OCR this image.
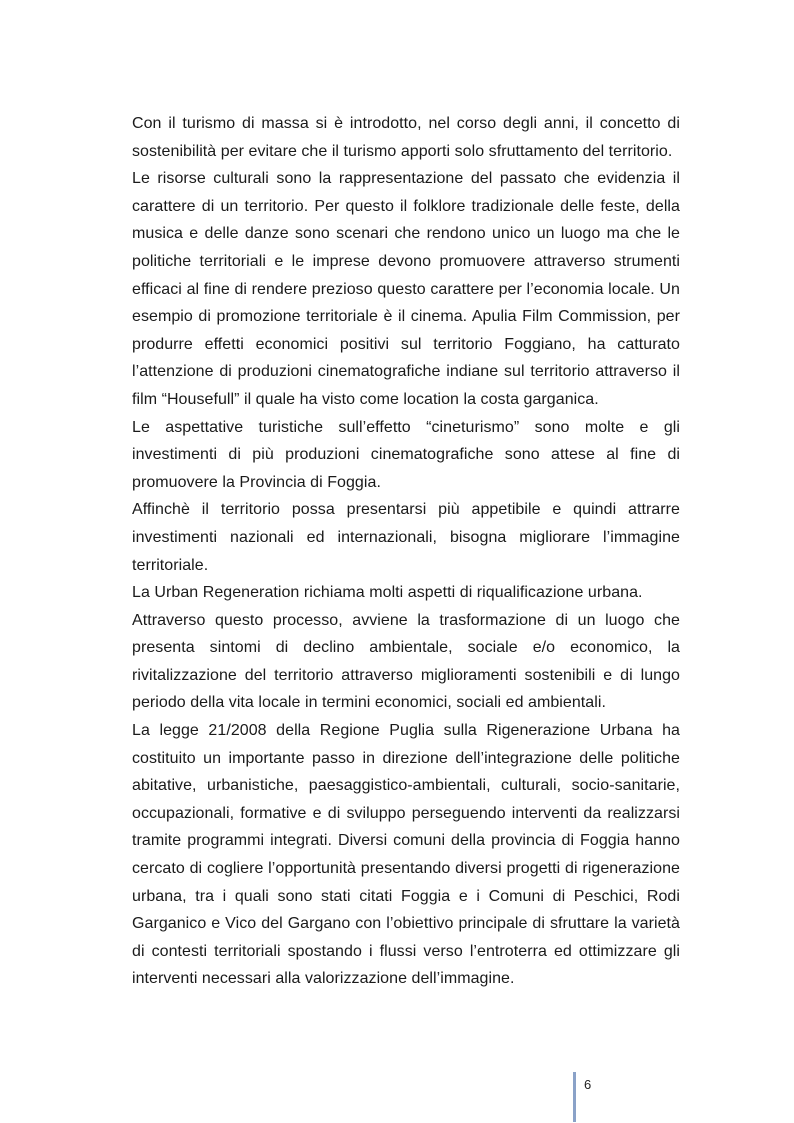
Con il turismo di massa si è introdotto, nel corso degli anni, il concetto di sostenibilità per evitare che il turismo apporti solo sfruttamento del territorio.

Le risorse culturali sono la rappresentazione del passato che evidenzia il carattere di un territorio. Per questo il folklore tradizionale delle feste, della musica e delle danze sono scenari che rendono unico un luogo ma che le politiche territoriali e le imprese devono promuovere attraverso strumenti efficaci al fine di rendere prezioso questo carattere per l’economia locale. Un esempio di promozione territoriale è il cinema. Apulia Film Commission, per produrre effetti economici positivi sul territorio Foggiano, ha catturato l’attenzione di produzioni cinematografiche indiane sul territorio attraverso il film “Housefull” il quale ha visto come location la costa garganica.

Le aspettative turistiche sull’effetto “cineturismo” sono molte e gli investimenti di più produzioni cinematografiche sono attese al fine di promuovere la Provincia di Foggia.

Affinchè il territorio possa presentarsi più appetibile e quindi attrarre investimenti nazionali ed internazionali, bisogna migliorare l’immagine territoriale.

La Urban Regeneration richiama molti aspetti di riqualificazione urbana.

Attraverso questo processo, avviene la trasformazione di un luogo che presenta sintomi di declino ambientale, sociale e/o economico, la rivitalizzazione del territorio attraverso miglioramenti sostenibili e di lungo periodo della vita locale in termini economici, sociali ed ambientali.

La legge 21/2008 della Regione Puglia sulla Rigenerazione Urbana ha costituito un importante passo in direzione dell’integrazione delle politiche abitative, urbanistiche, paesaggistico-ambientali, culturali, socio-sanitarie, occupazionali, formative e di sviluppo perseguendo interventi da realizzarsi tramite programmi integrati. Diversi comuni della provincia di Foggia hanno cercato di cogliere l’opportunità presentando diversi progetti di rigenerazione urbana, tra i quali sono stati citati Foggia e i Comuni di Peschici, Rodi Garganico e Vico del Gargano con l’obiettivo principale di sfruttare la varietà di contesti territoriali spostando i flussi verso l’entroterra ed ottimizzare gli interventi necessari alla valorizzazione dell’immagine.

6
